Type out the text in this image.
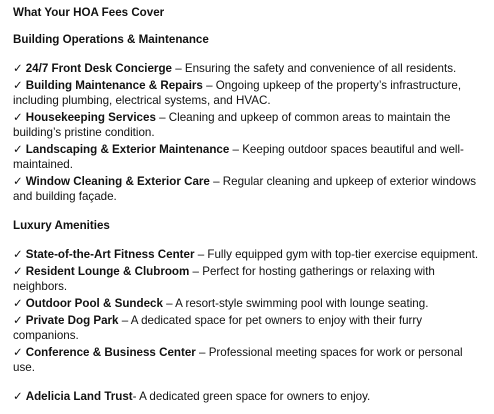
What Your HOA Fees Cover
Building Operations & Maintenance
✓ 24/7 Front Desk Concierge – Ensuring the safety and convenience of all residents.
✓ Building Maintenance & Repairs – Ongoing upkeep of the property’s infrastructure, including plumbing, electrical systems, and HVAC.
✓ Housekeeping Services – Cleaning and upkeep of common areas to maintain the building’s pristine condition.
✓ Landscaping & Exterior Maintenance – Keeping outdoor spaces beautiful and well-maintained.
✓ Window Cleaning & Exterior Care – Regular cleaning and upkeep of exterior windows and building façade.
Luxury Amenities
✓ State-of-the-Art Fitness Center – Fully equipped gym with top-tier exercise equipment.
✓ Resident Lounge & Clubroom – Perfect for hosting gatherings or relaxing with neighbors.
✓ Outdoor Pool & Sundeck – A resort-style swimming pool with lounge seating.
✓ Private Dog Park – A dedicated space for pet owners to enjoy with their furry companions.
✓ Conference & Business Center – Professional meeting spaces for work or personal use.
✓ Adelicia Land Trust- A dedicated green space for owners to enjoy.
